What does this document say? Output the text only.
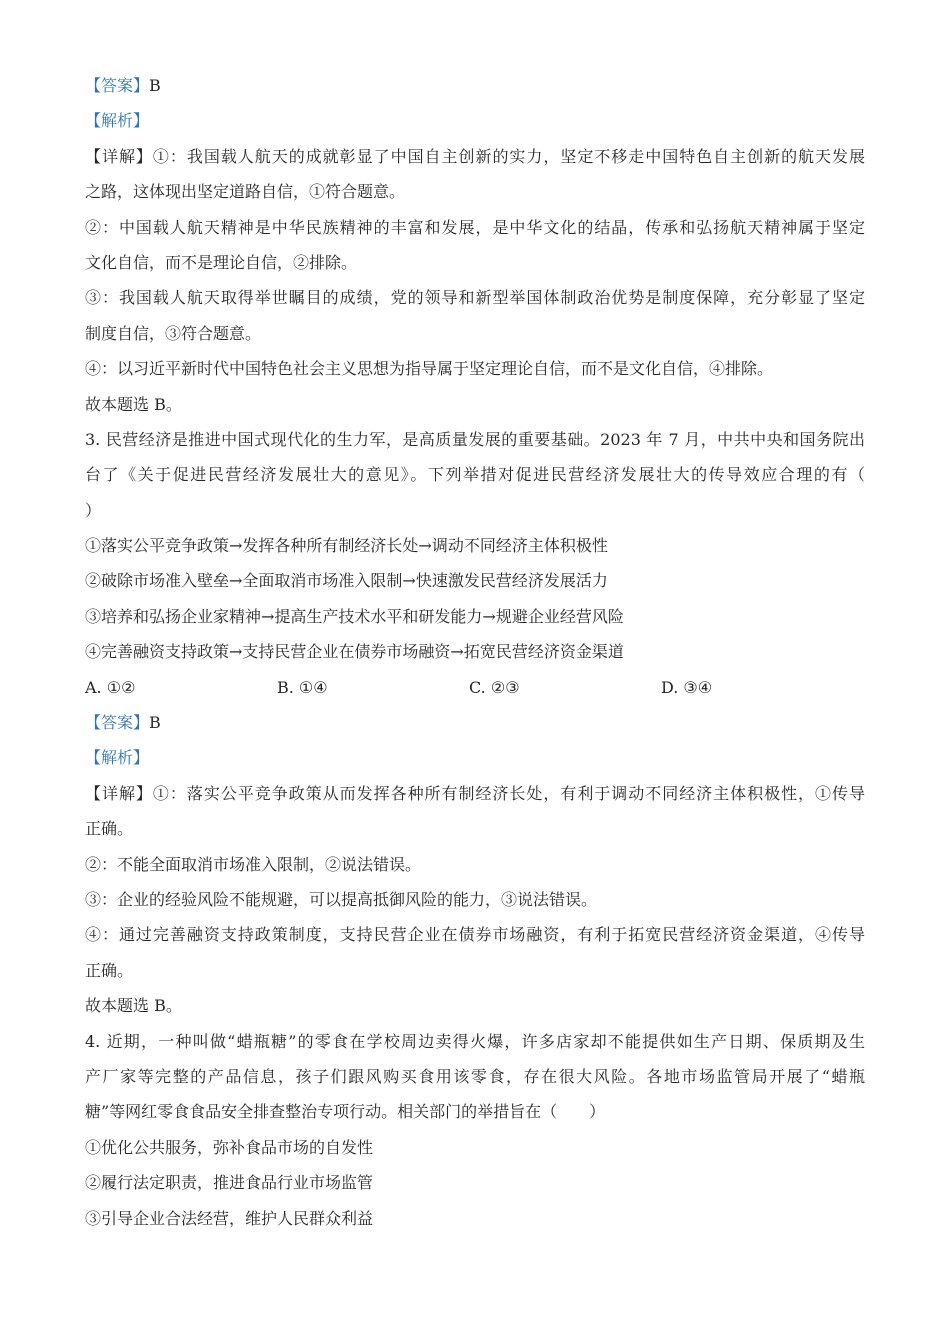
【答案】B
【解析】
【详解】①：我国载人航天的成就彰显了中国自主创新的实力，坚定不移走中国特色自主创新的航天发展
之路，这体现出坚定道路自信，①符合题意。
②：中国载人航天精神是中华民族精神的丰富和发展，是中华文化的结晶，传承和弘扬航天精神属于坚定
文化自信，而不是理论自信，②排除。
③：我国载人航天取得举世瞩目的成绩，党的领导和新型举国体制政治优势是制度保障，充分彰显了坚定
制度自信，③符合题意。
④：以习近平新时代中国特色社会主义思想为指导属于坚定理论自信，而不是文化自信，④排除。
故本题选 B。
3. 民营经济是推进中国式现代化的生力军，是高质量发展的重要基础。2023 年 7 月，中共中央和国务院出
台了《关于促进民营经济发展壮大的意见》。下列举措对促进民营经济发展壮大的传导效应合理的有（
）
①落实公平竞争政策→发挥各种所有制经济长处→调动不同经济主体积极性
②破除市场准入壁垒→全面取消市场准入限制→快速激发民营经济发展活力
③培养和弘扬企业家精神→提高生产技术水平和研发能力→规避企业经营风险
④完善融资支持政策→支持民营企业在债券市场融资→拓宽民营经济资金渠道
A. ①②	B. ①④	C. ②③	D. ③④
【答案】B
【解析】
【详解】①：落实公平竞争政策从而发挥各种所有制经济长处，有利于调动不同经济主体积极性，①传导
正确。
②：不能全面取消市场准入限制，②说法错误。
③：企业的经验风险不能规避，可以提高抵御风险的能力，③说法错误。
④：通过完善融资支持政策制度，支持民营企业在债券市场融资，有利于拓宽民营经济资金渠道，④传导
正确。
故本题选 B。
4. 近期，一种叫做“蜡瓶糖”的零食在学校周边卖得火爆，许多店家却不能提供如生产日期、保质期及生
产厂家等完整的产品信息，孩子们跟风购买食用该零食，存在很大风险。各地市场监管局开展了“蜡瓶
糖”等网红零食食品安全排查整治专项行动。相关部门的举措旨在（　　）
①优化公共服务，弥补食品市场的自发性
②履行法定职责，推进食品行业市场监管
③引导企业合法经营，维护人民群众利益
